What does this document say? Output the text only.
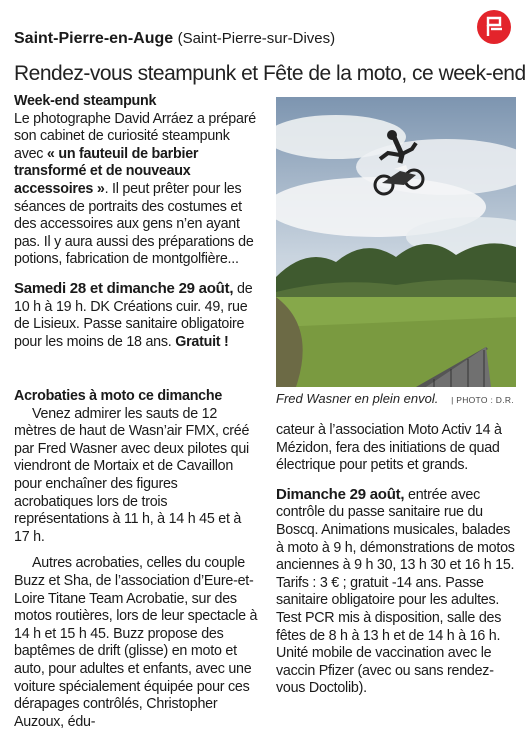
Saint-Pierre-en-Auge (Saint-Pierre-sur-Dives)
Rendez-vous steampunk et Fête de la moto, ce week-end

Week-end steampunk

Le photographe David Arráez a préparé son cabinet de curiosité steampunk avec « un fauteuil de barbier transformé et de nouveaux accessoires ». Il peut prêter pour les séances de portraits des costumes et des accessoires aux gens n’en ayant pas. Il y aura aussi des préparations de potions, fabrication de montgolfière...

Samedi 28 et dimanche 29 août, de 10 h à 19 h. DK Créations cuir. 49, rue de Lisieux. Passe sanitaire obligatoire pour les moins de 18 ans. Gratuit !

Acrobaties à moto ce dimanche

Venez admirer les sauts de 12 mètres de haut de Wasn’air FMX, créé par Fred Wasner avec deux pilotes qui viendront de Mortaix et de Cavaillon pour enchaîner des figures acrobatiques lors de trois représentations à 11 h, à 14 h 45 et à 17 h.

Autres acrobaties, celles du couple Buzz et Sha, de l’association d’Eure-et-Loire Titane Team Acrobatie, sur des motos routières, lors de leur spectacle à 14 h et 15 h 45. Buzz propose des baptêmes de drift (glisse) en moto et auto, pour adultes et enfants, avec une voiture spécialement équipée pour ces dérapages contrôlés, Christopher Auzoux, édu-

Fred Wasner en plein envol. | PHOTO : D.R.

cateur à l’association Moto Activ 14 à Mézidon, fera des initiations de quad électrique pour petits et grands.

Dimanche 29 août, entrée avec contrôle du passe sanitaire rue du Boscq. Animations musicales, balades à moto à 9 h, démonstrations de motos anciennes à 9 h 30, 13 h 30 et 16 h 15. Tarifs : 3 € ; gratuit -14 ans. Passe sanitaire obligatoire pour les adultes. Test PCR mis à disposition, salle des fêtes de 8 h à 13 h et de 14 h à 16 h. Unité mobile de vaccination avec le vaccin Pfizer (avec ou sans rendez-vous Doctolib).
